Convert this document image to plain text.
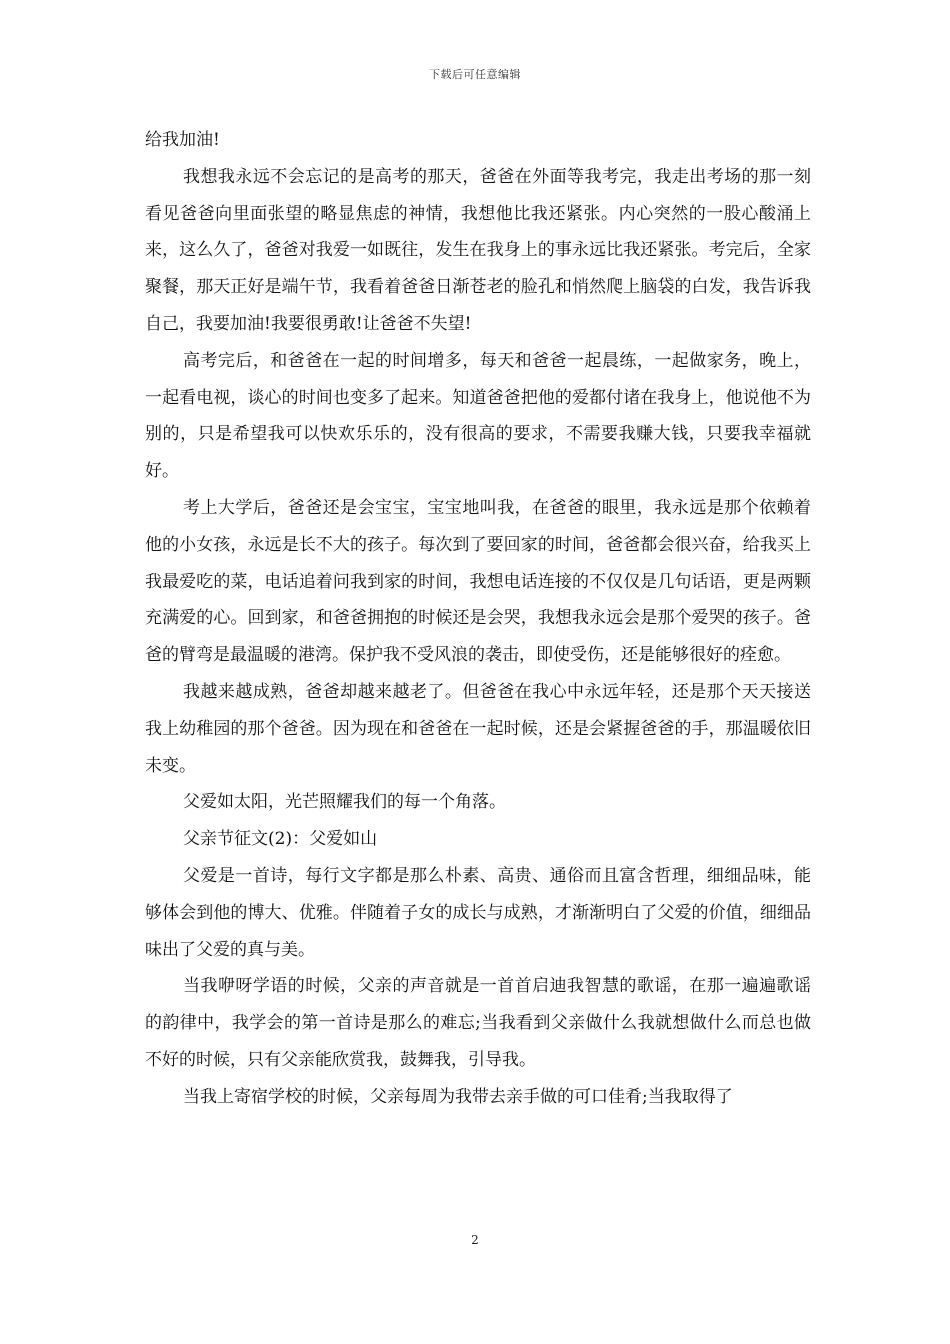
下载后可任意编辑

给我加油!

我想我永远不会忘记的是高考的那天，爸爸在外面等我考完，我走出考场的那一刻看见爸爸向里面张望的略显焦虑的神情，我想他比我还紧张。内心突然的一股心酸涌上来，这么久了，爸爸对我爱一如既往，发生在我身上的事永远比我还紧张。考完后，全家聚餐，那天正好是端午节，我看着爸爸日渐苍老的脸孔和悄然爬上脑袋的白发，我告诉我自己，我要加油!我要很勇敢!让爸爸不失望!

高考完后，和爸爸在一起的时间增多，每天和爸爸一起晨练，一起做家务，晚上，一起看电视，谈心的时间也变多了起来。知道爸爸把他的爱都付诸在我身上，他说他不为别的，只是希望我可以快欢乐乐的，没有很高的要求，不需要我赚大钱，只要我幸福就好。

考上大学后，爸爸还是会宝宝，宝宝地叫我，在爸爸的眼里，我永远是那个依赖着他的小女孩，永远是长不大的孩子。每次到了要回家的时间，爸爸都会很兴奋，给我买上我最爱吃的菜，电话追着问我到家的时间，我想电话连接的不仅仅是几句话语，更是两颗充满爱的心。回到家，和爸爸拥抱的时候还是会哭，我想我永远会是那个爱哭的孩子。爸爸的臂弯是最温暖的港湾。保护我不受风浪的袭击，即使受伤，还是能够很好的痊愈。

我越来越成熟，爸爸却越来越老了。但爸爸在我心中永远年轻，还是那个天天接送我上幼稚园的那个爸爸。因为现在和爸爸在一起时候，还是会紧握爸爸的手，那温暖依旧未变。

父爱如太阳，光芒照耀我们的每一个角落。

父亲节征文(2)：父爱如山

父爱是一首诗，每行文字都是那么朴素、高贵、通俗而且富含哲理，细细品味，能够体会到他的博大、优雅。伴随着子女的成长与成熟，才渐渐明白了父爱的价值，细细品味出了父爱的真与美。

当我咿呀学语的时候，父亲的声音就是一首首启迪我智慧的歌谣，在那一遍遍歌谣的韵律中，我学会的第一首诗是那么的难忘;当我看到父亲做什么我就想做什么而总也做不好的时候，只有父亲能欣赏我，鼓舞我，引导我。

当我上寄宿学校的时候，父亲每周为我带去亲手做的可口佳肴;当我取得了

2
